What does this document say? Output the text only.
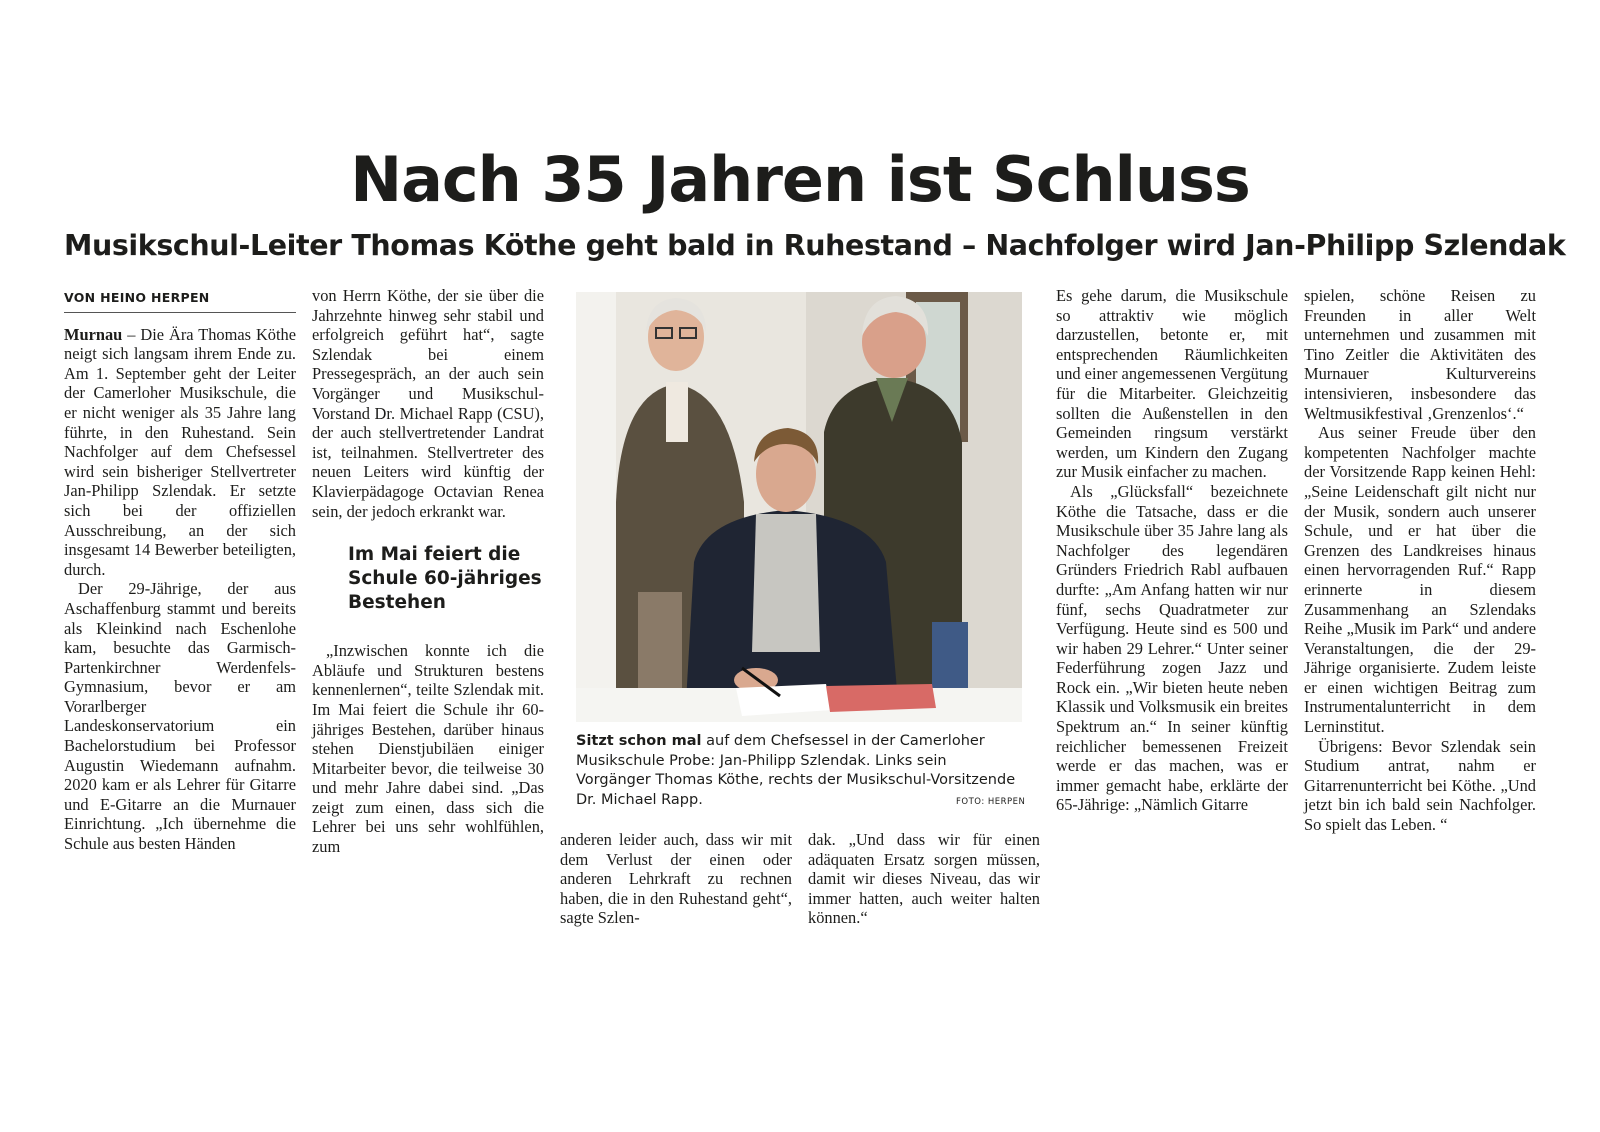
Nach 35 Jahren ist Schluss
Musikschul-Leiter Thomas Köthe geht bald in Ruhestand – Nachfolger wird Jan-Philipp Szlendak
VON HEINO HERPEN

Murnau – Die Ära Thomas Köthe neigt sich langsam ihrem Ende zu. Am 1. September geht der Leiter der Camerloher Musikschule, die er nicht weniger als 35 Jahre lang führte, in den Ruhestand. Sein Nachfolger auf dem Chefsessel wird sein bisheriger Stellvertreter Jan-Philipp Szlendak. Er setzte sich bei der offiziellen Ausschreibung, an der sich insgesamt 14 Bewerber beteiligten, durch.

Der 29-Jährige, der aus Aschaffenburg stammt und bereits als Kleinkind nach Eschenlohe kam, besuchte das Garmisch-Partenkirchner Werdenfels-Gymnasium, bevor er am Vorarlberger Landeskonservatorium ein Bachelorstudium bei Professor Augustin Wiedemann aufnahm. 2020 kam er als Lehrer für Gitarre und E-Gitarre an die Murnauer Einrichtung. „Ich übernehme die Schule aus besten Händen

von Herrn Köthe, der sie über die Jahrzehnte hinweg sehr stabil und erfolgreich geführt hat“, sagte Szlendak bei einem Pressegespräch, an der auch sein Vorgänger und Musikschul-Vorstand Dr. Michael Rapp (CSU), der auch stellvertretender Landrat ist, teilnahmen. Stellvertreter des neuen Leiters wird künftig der Klavierpädagoge Octavian Renea sein, der jedoch erkrankt war.

Im Mai feiert die Schule 60-jähriges Bestehen

„Inzwischen konnte ich die Abläufe und Strukturen bestens kennenlernen“, teilte Szlendak mit. Im Mai feiert die Schule ihr 60-jähriges Bestehen, darüber hinaus stehen Dienstjubiläen einiger Mitarbeiter bevor, die teilweise 30 und mehr Jahre dabei sind. „Das zeigt zum einen, dass sich die Lehrer bei uns sehr wohlfühlen, zum

Sitzt schon mal auf dem Chefsessel in der Camerloher Musikschule Probe: Jan-Philipp Szlendak. Links sein Vorgänger Thomas Köthe, rechts der Musikschul-Vorsitzende Dr. Michael Rapp.	FOTO: HERPEN

anderen leider auch, dass wir mit dem Verlust der einen oder anderen Lehrkraft zu rechnen haben, die in den Ruhestand geht“, sagte Szlen-

dak. „Und dass wir für einen adäquaten Ersatz sorgen müssen, damit wir dieses Niveau, das wir immer hatten, auch weiter halten können.“

Es gehe darum, die Musikschule so attraktiv wie möglich darzustellen, betonte er, mit entsprechenden Räumlichkeiten und einer angemessenen Vergütung für die Mitarbeiter. Gleichzeitig sollten die Außenstellen in den Gemeinden ringsum verstärkt werden, um Kindern den Zugang zur Musik einfacher zu machen.

Als „Glücksfall“ bezeichnete Köthe die Tatsache, dass er die Musikschule über 35 Jahre lang als Nachfolger des legendären Gründers Friedrich Rabl aufbauen durfte: „Am Anfang hatten wir nur fünf, sechs Quadratmeter zur Verfügung. Heute sind es 500 und wir haben 29 Lehrer.“ Unter seiner Federführung zogen Jazz und Rock ein. „Wir bieten heute neben Klassik und Volksmusik ein breites Spektrum an.“ In seiner künftig reichlicher bemessenen Freizeit werde er das machen, was er immer gemacht habe, erklärte der 65-Jährige: „Nämlich Gitarre

spielen, schöne Reisen zu Freunden in aller Welt unternehmen und zusammen mit Tino Zeitler die Aktivitäten des Murnauer Kulturvereins intensivieren, insbesondere das Weltmusikfestival ‚Grenzenlos‘.“

Aus seiner Freude über den kompetenten Nachfolger machte der Vorsitzende Rapp keinen Hehl: „Seine Leidenschaft gilt nicht nur der Musik, sondern auch unserer Schule, und er hat über die Grenzen des Landkreises hinaus einen hervorragenden Ruf.“ Rapp erinnerte in diesem Zusammenhang an Szlendaks Reihe „Musik im Park“ und andere Veranstaltungen, die der 29-Jährige organisierte. Zudem leiste er einen wichtigen Beitrag zum Instrumentalunterricht in dem Lerninstitut.

Übrigens: Bevor Szlendak sein Studium antrat, nahm er Gitarrenunterricht bei Köthe. „Und jetzt bin ich bald sein Nachfolger. So spielt das Leben. “
